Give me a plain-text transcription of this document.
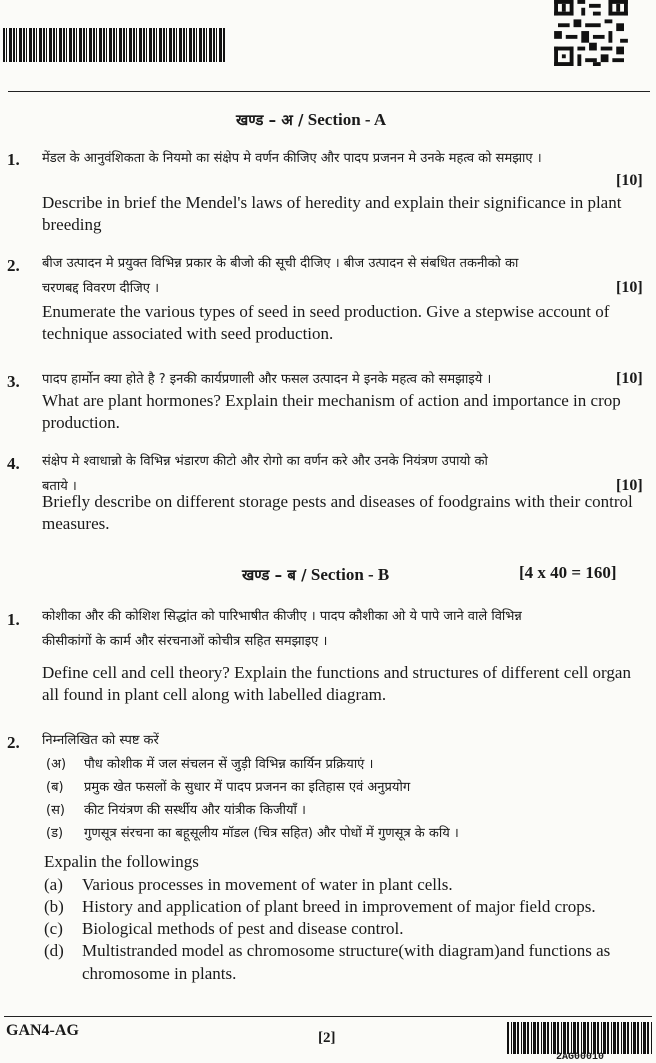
खण्ड – अ / Section - A
1. मेंडल के आनुवंशिकता के नियमो का संक्षेप मे वर्णन कीजिए और पादप प्रजनन मे उनके महत्व को समझाए ।
[10]
Describe in brief the Mendel's laws of heredity and explain their significance in plant
breeding
2. बीज उत्पादन मे प्रयुक्त विभिन्न प्रकार के बीजो की सूची दीजिए । बीज उत्पादन से संबधित तकनीको का
चरणबद्द विवरण दीजिए ।	[10]
Enumerate the various types of seed in seed production. Give a stepwise account of
technique associated with seed production.
3. पादप हार्मोन क्या होते है ? इनकी कार्यप्रणाली और फसल उत्पादन मे इनके महत्व को समझाइये ।	[10]
What are plant hormones? Explain their mechanism of action and importance in crop
production.
4. संक्षेप मे श्वाधान्नो के विभिन्न भंडारण कीटो और रोगो का वर्णन करे और उनके नियंत्रण उपायो को
बताये ।	[10]
Briefly describe on different storage pests and diseases of foodgrains with their control
measures.
खण्ड – ब / Section - B	[4 x 40 = 160]
1. कोशीका और की कोशिश सिद्धांत को पारिभाषीत कीजीए । पादप कौशीका ओ ये पापे जाने वाले विभिन्न
कीसीकांगों के कार्म और संरचनाओं कोचीत्र सहित समझाइए ।
Define cell and cell theory? Explain the functions and structures of different cell organ
all found in plant cell along with labelled diagram.
2. निम्नलिखित को स्पष्ट करें
(अ) पौध कोशीक में जल संचलन सें जुड़ी विभिन्न कार्यिन प्रक्रियाएं ।
(ब) प्रमुक खेत फसलों के सुधार में पादप प्रजनन का इतिहास एवं अनुप्रयोग
(स) कीट नियंत्रण की सर्स्थीय और यांत्रीक किजीयाँ ।
(ड) गुणसूत्र संरचना का बहूसूलीय मॉडल (चित्र सहित) और पोधों में गुणसूत्र के कयि ।
Expalin the followings
(a) Various processes in movement of water in plant cells.
(b) History and application of plant breed in improvement of major field crops.
(c) Biological methods of pest and disease control.
(d) Multistranded model as chromosome structure(with diagram)and functions as
chromosome in plants.
GAN4-AG	[2]
2AG00010
